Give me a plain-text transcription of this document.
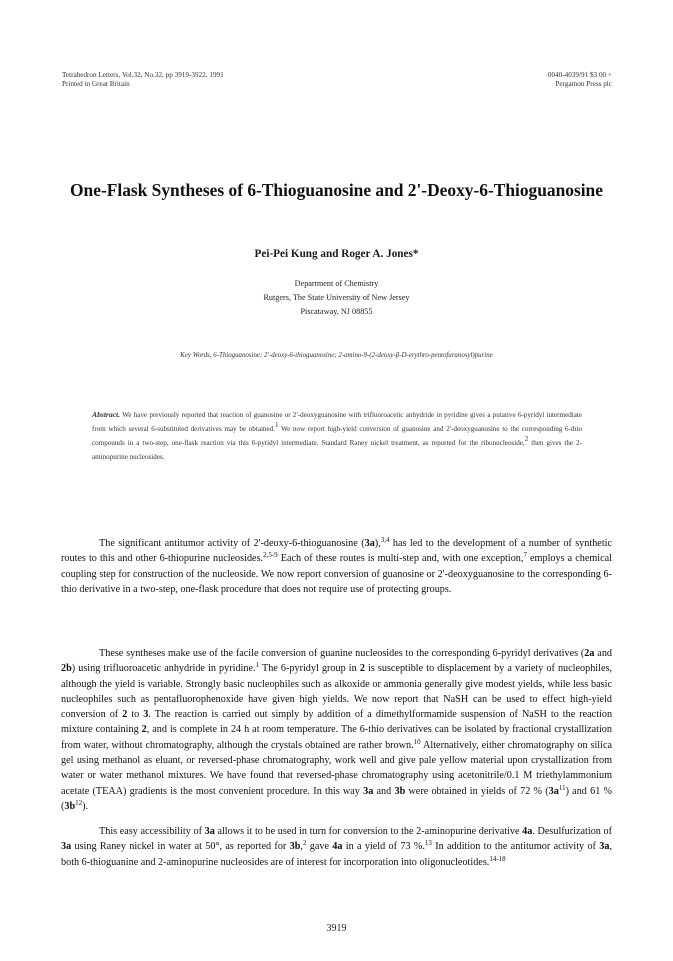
Tetrahedron Letters, Vol.32, No.32, pp 3919-3922, 1991
Printed in Great Britain
0040-4039/91 $3 00 +
Pergamon Press plc
One-Flask Syntheses of 6-Thioguanosine and 2'-Deoxy-6-Thioguanosine
Pei-Pei Kung and Roger A. Jones*
Department of Chemistry
Rutgers, The State University of New Jersey
Piscataway, NJ 08855
Key Words, 6-Thioguanosine; 2'-deoxy-6-thioguanosine; 2-amino-9-(2-deoxy-β-D-erythro-pentofuranosyl)purine
Abstract. We have previously reported that reaction of guanosine or 2'-deoxyguanosine with trifluoroacetic anhydride in pyridine gives a putative 6-pyridyl intermediate from which several 6-substituted derivatives may be obtained.$^1$ We now report high-yield conversion of guanosine and 2'-deoxyguanosine to the corresponding 6-thio compounds in a two-step, one-flask reaction via this 6-pyridyl intermediate. Standard Raney nickel treatment, as reported for the ribonucleoside,$^2$ then gives the 2-aminopurine nucleosides.

The significant antitumor activity of 2'-deoxy-6-thioguanosine (3a),$^{3,4}$ has led to the development of a number of synthetic routes to this and other 6-thiopurine nucleosides.$^{2,5-9}$ Each of these routes is multi-step and, with one exception,$^7$ employs a chemical coupling step for construction of the nucleoside. We now report conversion of guanosine or 2'-deoxyguanosine to the corresponding 6-thio derivative in a two-step, one-flask procedure that does not require use of protecting groups.

These syntheses make use of the facile conversion of guanine nucleosides to the corresponding 6-pyridyl derivatives (2a and 2b) using trifluoroacetic anhydride in pyridine.$^1$ The 6-pyridyl group in 2 is susceptible to displacement by a variety of nucleophiles, although the yield is variable. Strongly basic nucleophiles such as alkoxide or ammonia generally give modest yields, while less basic nucleophiles such as pentafluorophenoxide have given high yields. We now report that NaSH can be used to effect high-yield conversion of 2 to 3. The reaction is carried out simply by addition of a dimethylformamide suspension of NaSH to the reaction mixture containing 2, and is complete in 24 h at room temperature. The 6-thio derivatives can be isolated by fractional crystallization from water, without chromatography, although the crystals obtained are rather brown.$^{10}$ Alternatively, either chromatography on silica gel using methanol as eluant, or reversed-phase chromatography, work well and give pale yellow material upon crystallization from water or water methanol mixtures. We have found that reversed-phase chromatography using acetonitrile/0.1 M triethylammonium acetate (TEAA) gradients is the most convenient procedure. In this way 3a and 3b were obtained in yields of 72 % $(3a^{11})$ and 61 % $(3b^{12})$.

This easy accessibility of 3a allows it to be used in turn for conversion to the 2-aminopurine derivative 4a. Desulfurization of 3a using Raney nickel in water at 50°, as reported for 3b,$^2$ gave 4a in a yield of 73 %.$^{13}$ In addition to the antitumor activity of 3a, both 6-thioguanine and 2-aminopurine nucleosides are of interest for incorporation into oligonucleotides.$^{14-18}$

3919
